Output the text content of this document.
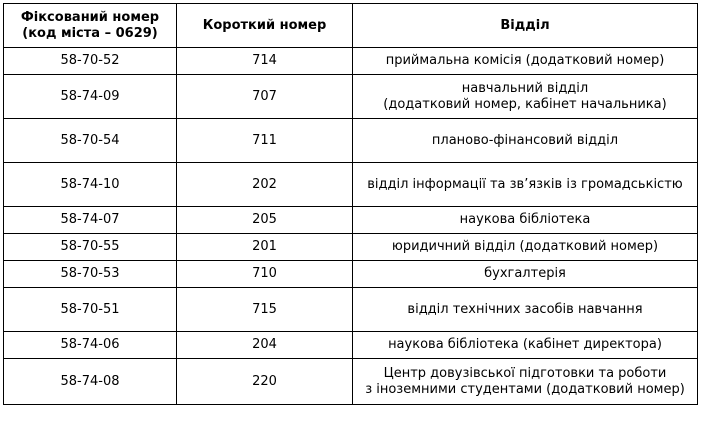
Фіксований номер
(код міста – 0629)	Короткий номер	Відділ
58-70-52	714	приймальна комісія (додатковий номер)

58-74-09	707	навчальний відділ
(додатковий номер, кабінет начальника)

58-70-54	711	планово-фінансовий відділ

58-74-10	202	відділ інформації та зв’язків із громадськістю

58-74-07	205	наукова бібліотека

58-70-55	201	юридичний відділ (додатковий номер)

58-70-53	710	бухгалтерія

58-70-51	715	відділ технічних засобів навчання

58-74-06	204	наукова бібліотека (кабінет директора)

58-74-08	220	Центр довузівської підготовки та роботи
з іноземними студентами (додатковий номер)
